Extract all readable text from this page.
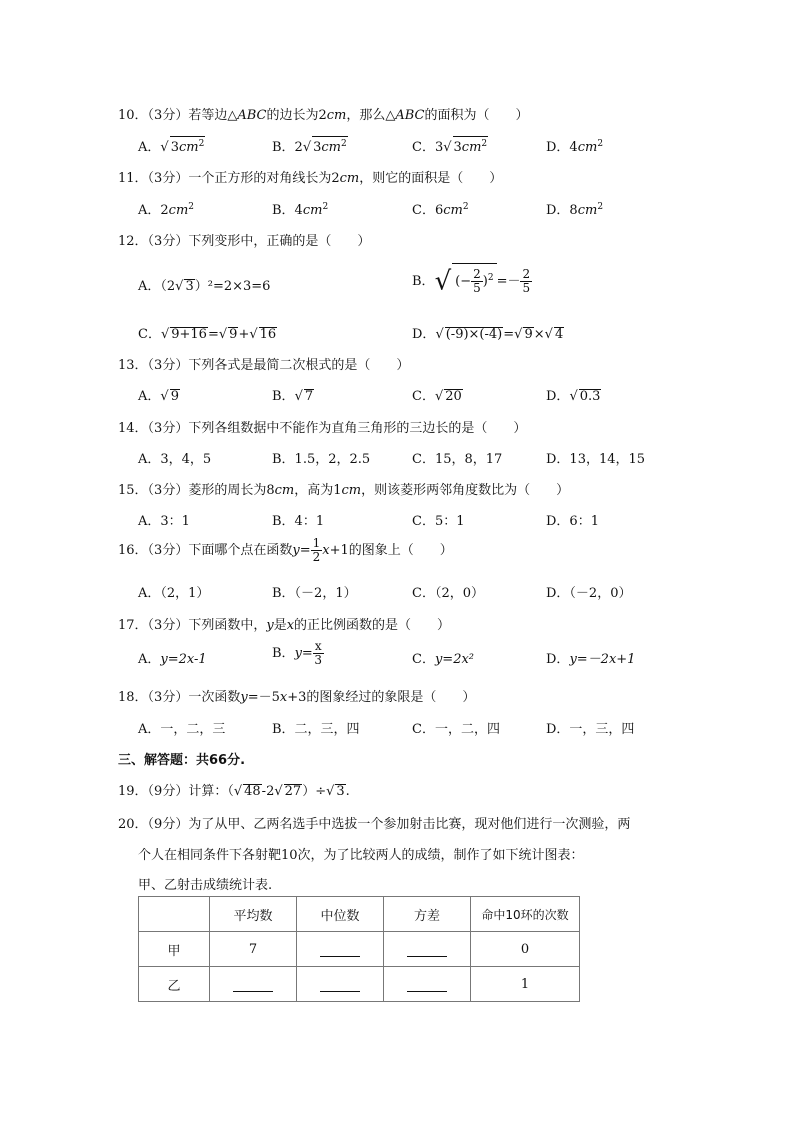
10．（3分）若等边△ABC的边长为2cm，那么△ABC的面积为（　　）
A．√ $3cm^2$	B．2√ $3cm^2$	C．3√ $3cm^2$	D．$4cm^2$
11．（3分）一个正方形的对角线长为2cm，则它的面积是（　　）
A．$2cm^2$	B．$4cm^2$	C．$6cm^2$	D．$8cm^2$
12．（3分）下列变形中，正确的是（　　）
A．（2√ 3）²=2×3=6	B．√ (− $\frac{2}{5} )^2 =- \frac{2}{5}$
C．√ 9+16=√ 9+√ 16	D．√ (-9)×(-4)=√ 9×√ 4
13．（3分）下列各式是最简二次根式的是（　　）
A．√ 9	B．√ 7	C．√ 20	D．√ 0.3
14．（3分）下列各组数据中不能作为直角三角形的三边长的是（　　）
A．3，4，5	B．1.5，2，2.5	C．15，8，17	D．13，14，15
15．（3分）菱形的周长为8cm，高为1cm，则该菱形两邻角度数比为（　　）
A．3：1	B．4：1	C．5：1	D．6：1
16．（3分）下面哪个点在函数$y= \frac{1}{2} x+1$的图象上（　　）
A．（2，1）	B．（－2，1）	C．（2，0）	D．（－2，0）
17．（3分）下列函数中，y是x的正比例函数的是（　　）
A．y=2x-1	B．$y= \frac{x}{3}$	C．y=2x²	D．y=－2x+1
18．（3分）一次函数y=－5x+3的图象经过的象限是（　　）
A．一，二，三	B．二，三，四	C．一，二，四	D．一，三，四
三、解答题：共66分.
19．（9分）计算：（√ 48-2√ 27）÷√ 3.
20．（9分）为了从甲、乙两名选手中选拔一个参加射击比赛，现对他们进行一次测验，两
个人在相同条件下各射靶10次，为了比较两人的成绩，制作了如下统计图表：
甲、乙射击成绩统计表.
	平均数	中位数	方差	命中10环的次数
甲	7			0
乙				1
